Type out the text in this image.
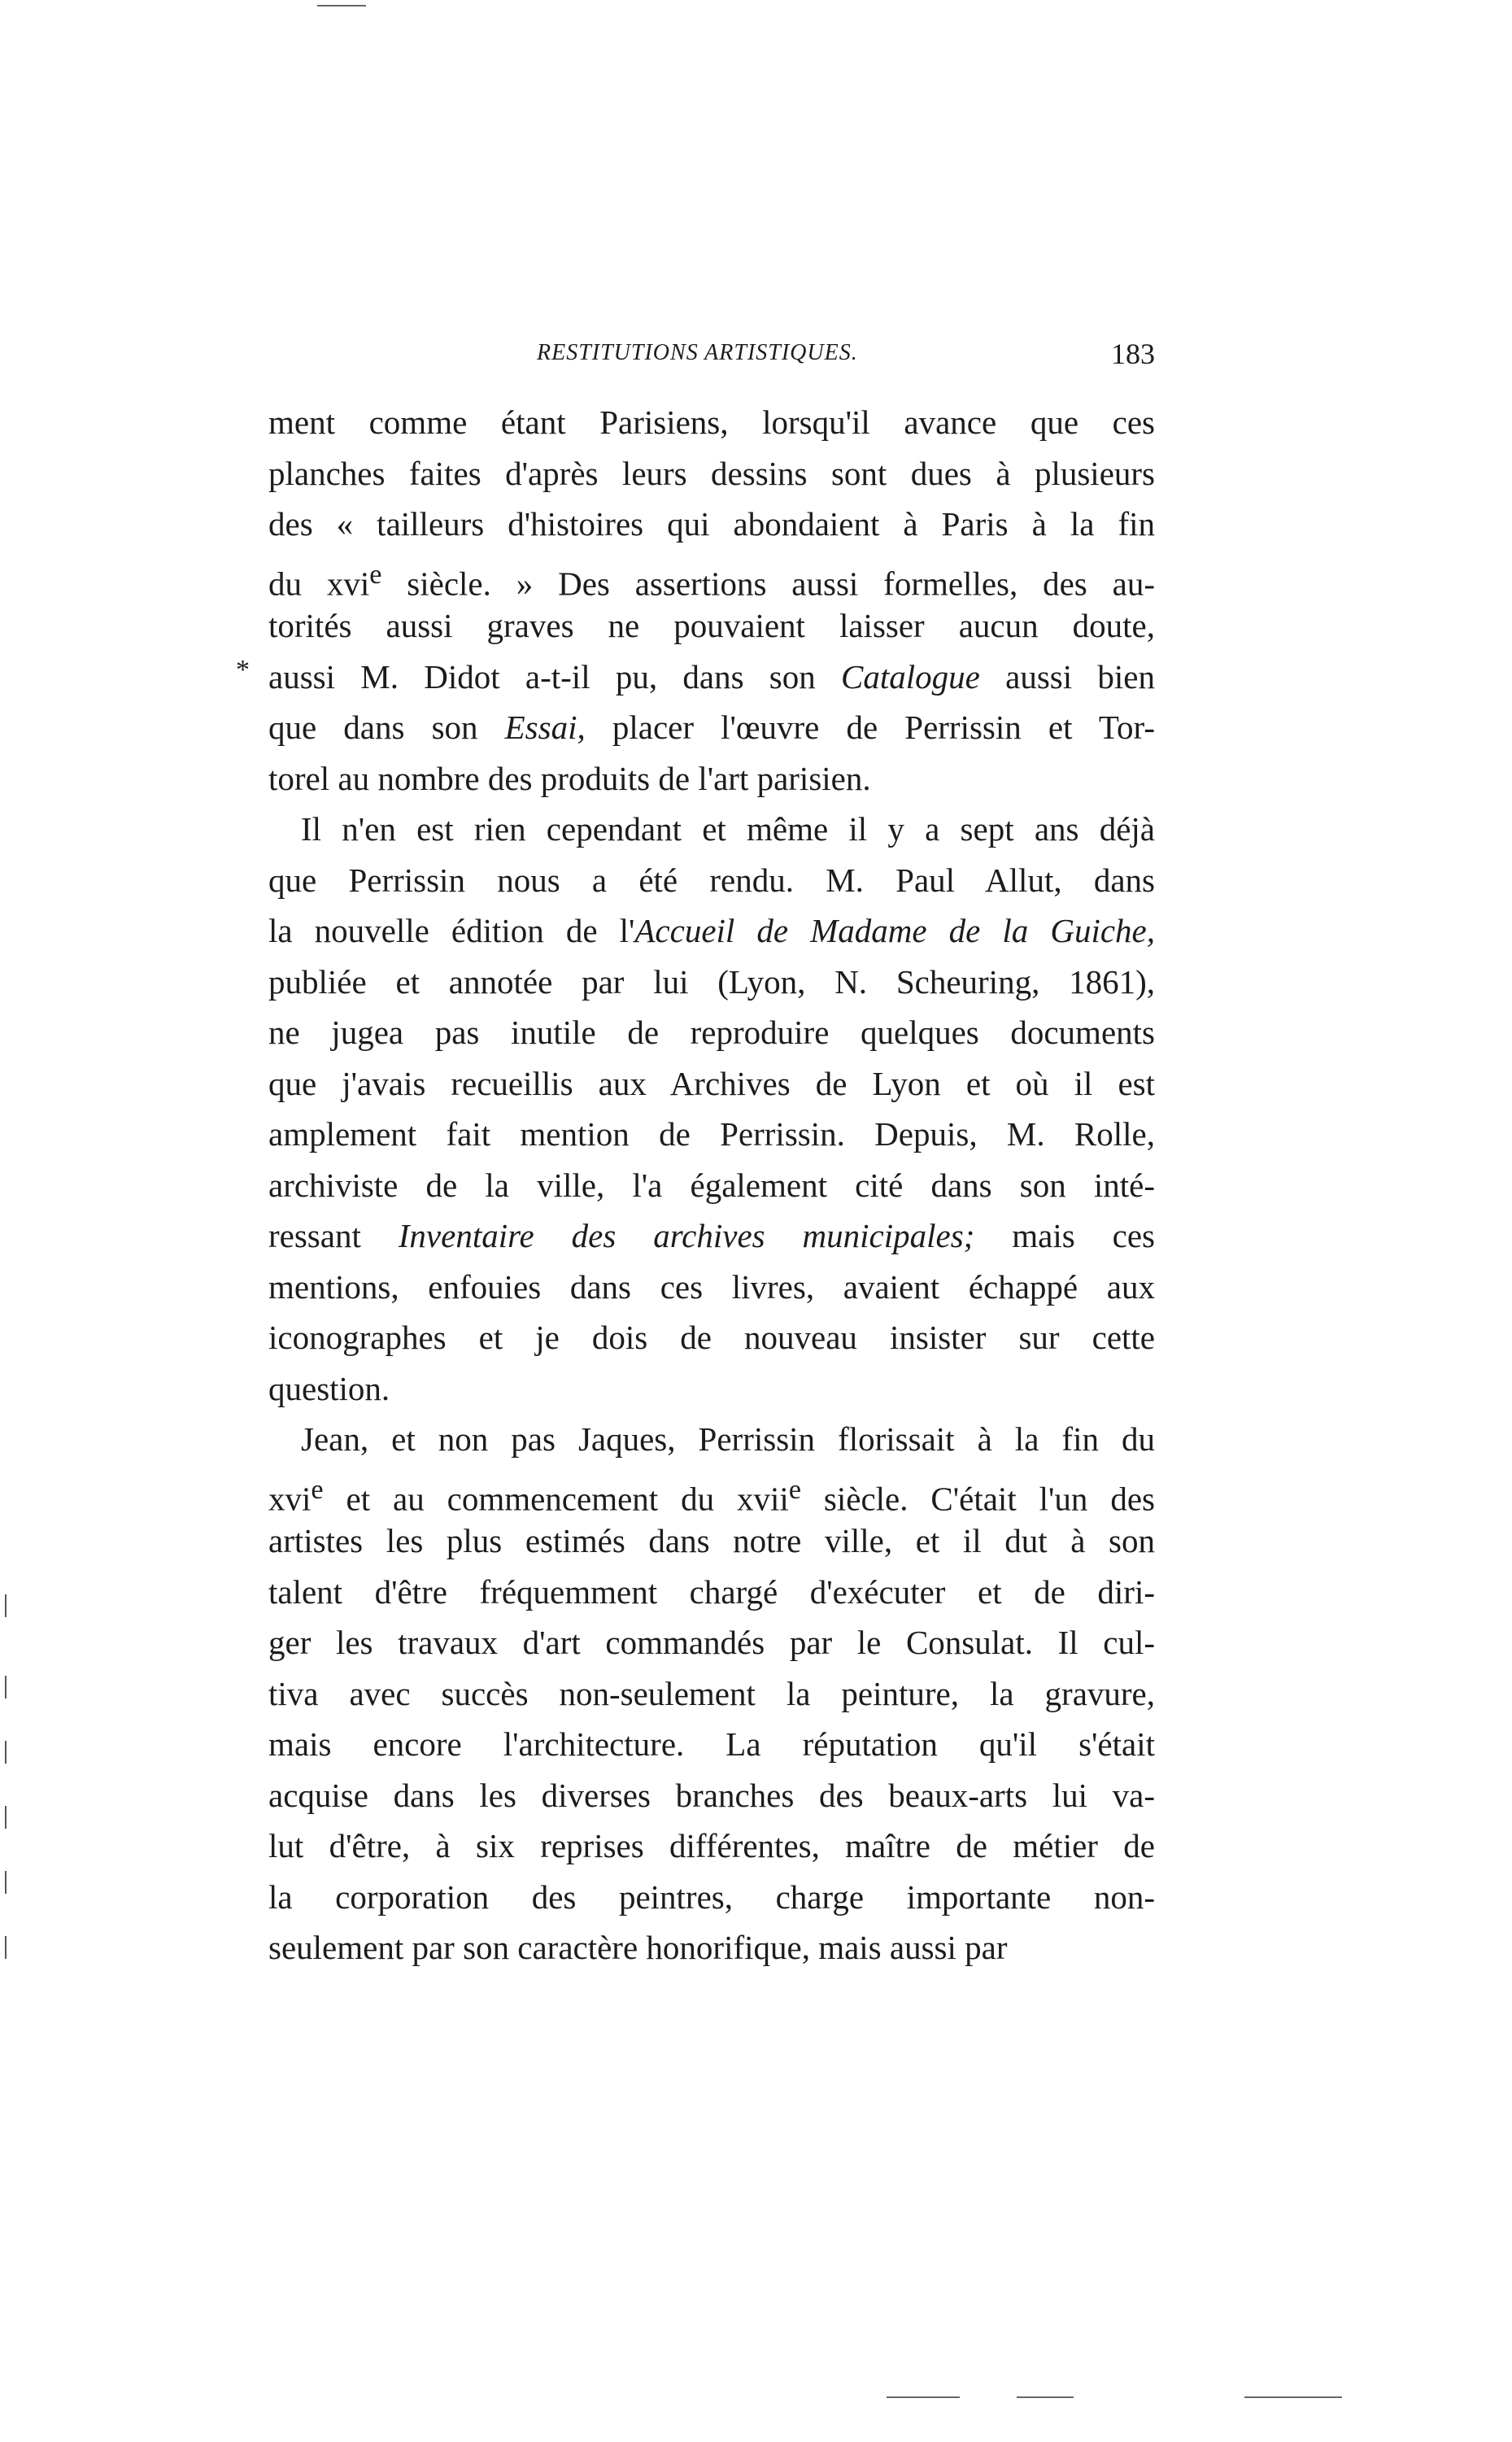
RESTITUTIONS ARTISTIQUES.	183
*
ment comme étant Parisiens, lorsqu'il avance que ces
planches faites d'après leurs dessins sont dues à plusieurs
des « tailleurs d'histoires qui abondaient à Paris à la fin
du xvi$^e$ siècle. » Des assertions aussi formelles, des au-
torités aussi graves ne pouvaient laisser aucun doute,
aussi M. Didot a-t-il pu, dans son Catalogue aussi bien
que dans son Essai, placer l'œuvre de Perrissin et Tor-
torel au nombre des produits de l'art parisien.
Il n'en est rien cependant et même il y a sept ans déjà
que Perrissin nous a été rendu. M. Paul Allut, dans
la nouvelle édition de l'Accueil de Madame de la Guiche,
publiée et annotée par lui (Lyon, N. Scheuring, 1861),
ne jugea pas inutile de reproduire quelques documents
que j'avais recueillis aux Archives de Lyon et où il est
amplement fait mention de Perrissin. Depuis, M. Rolle,
archiviste de la ville, l'a également cité dans son inté-
ressant Inventaire des archives municipales; mais ces
mentions, enfouies dans ces livres, avaient échappé aux
iconographes et je dois de nouveau insister sur cette
question.
Jean, et non pas Jaques, Perrissin florissait à la fin du
xvi$^e$ et au commencement du xvii$^e$ siècle. C'était l'un des
artistes les plus estimés dans notre ville, et il dut à son
talent d'être fréquemment chargé d'exécuter et de diri-
ger les travaux d'art commandés par le Consulat. Il cul-
tiva avec succès non-seulement la peinture, la gravure,
mais encore l'architecture. La réputation qu'il s'était
acquise dans les diverses branches des beaux-arts lui va-
lut d'être, à six reprises différentes, maître de métier de
la corporation des peintres, charge importante non-
seulement par son caractère honorifique, mais aussi par
